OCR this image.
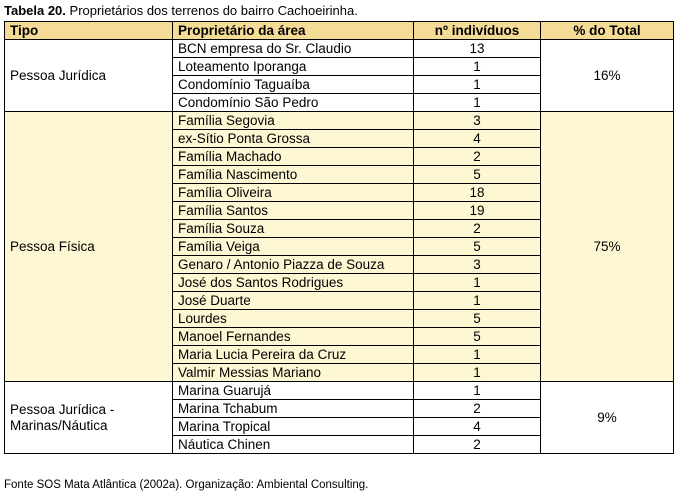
Tabela 20. Proprietários dos terrenos do bairro Cachoeirinha.
Tipo	Proprietário da área	nº indivíduos	% do Total
Pessoa Jurídica	BCN empresa do Sr. Claudio	13	16%
	Loteamento Iporanga	1	
	Condomínio Taguaíba	1	
	Condomínio São Pedro	1	
Pessoa Física	Família Segovia	3	75%
	ex-Sítio Ponta Grossa	4	
	Família Machado	2	
	Família Nascimento	5	
	Família Oliveira	18	
	Família Santos	19	
	Família Souza	2	
	Família Veiga	5	
	Genaro / Antonio Piazza de Souza	3	
	José dos Santos Rodrigues	1	
	José Duarte	1	
	Lourdes	5	
	Manoel Fernandes	5	
	Maria Lucia Pereira da Cruz	1	
	Valmir Messias Mariano	1	
Pessoa Jurídica -
Marinas/Náutica	Marina Guarujá	1	9%
	Marina Tchabum	2	
	Marina Tropical	4	
	Náutica Chinen	2	
Fonte SOS Mata Atlântica (2002a). Organização: Ambiental Consulting.
